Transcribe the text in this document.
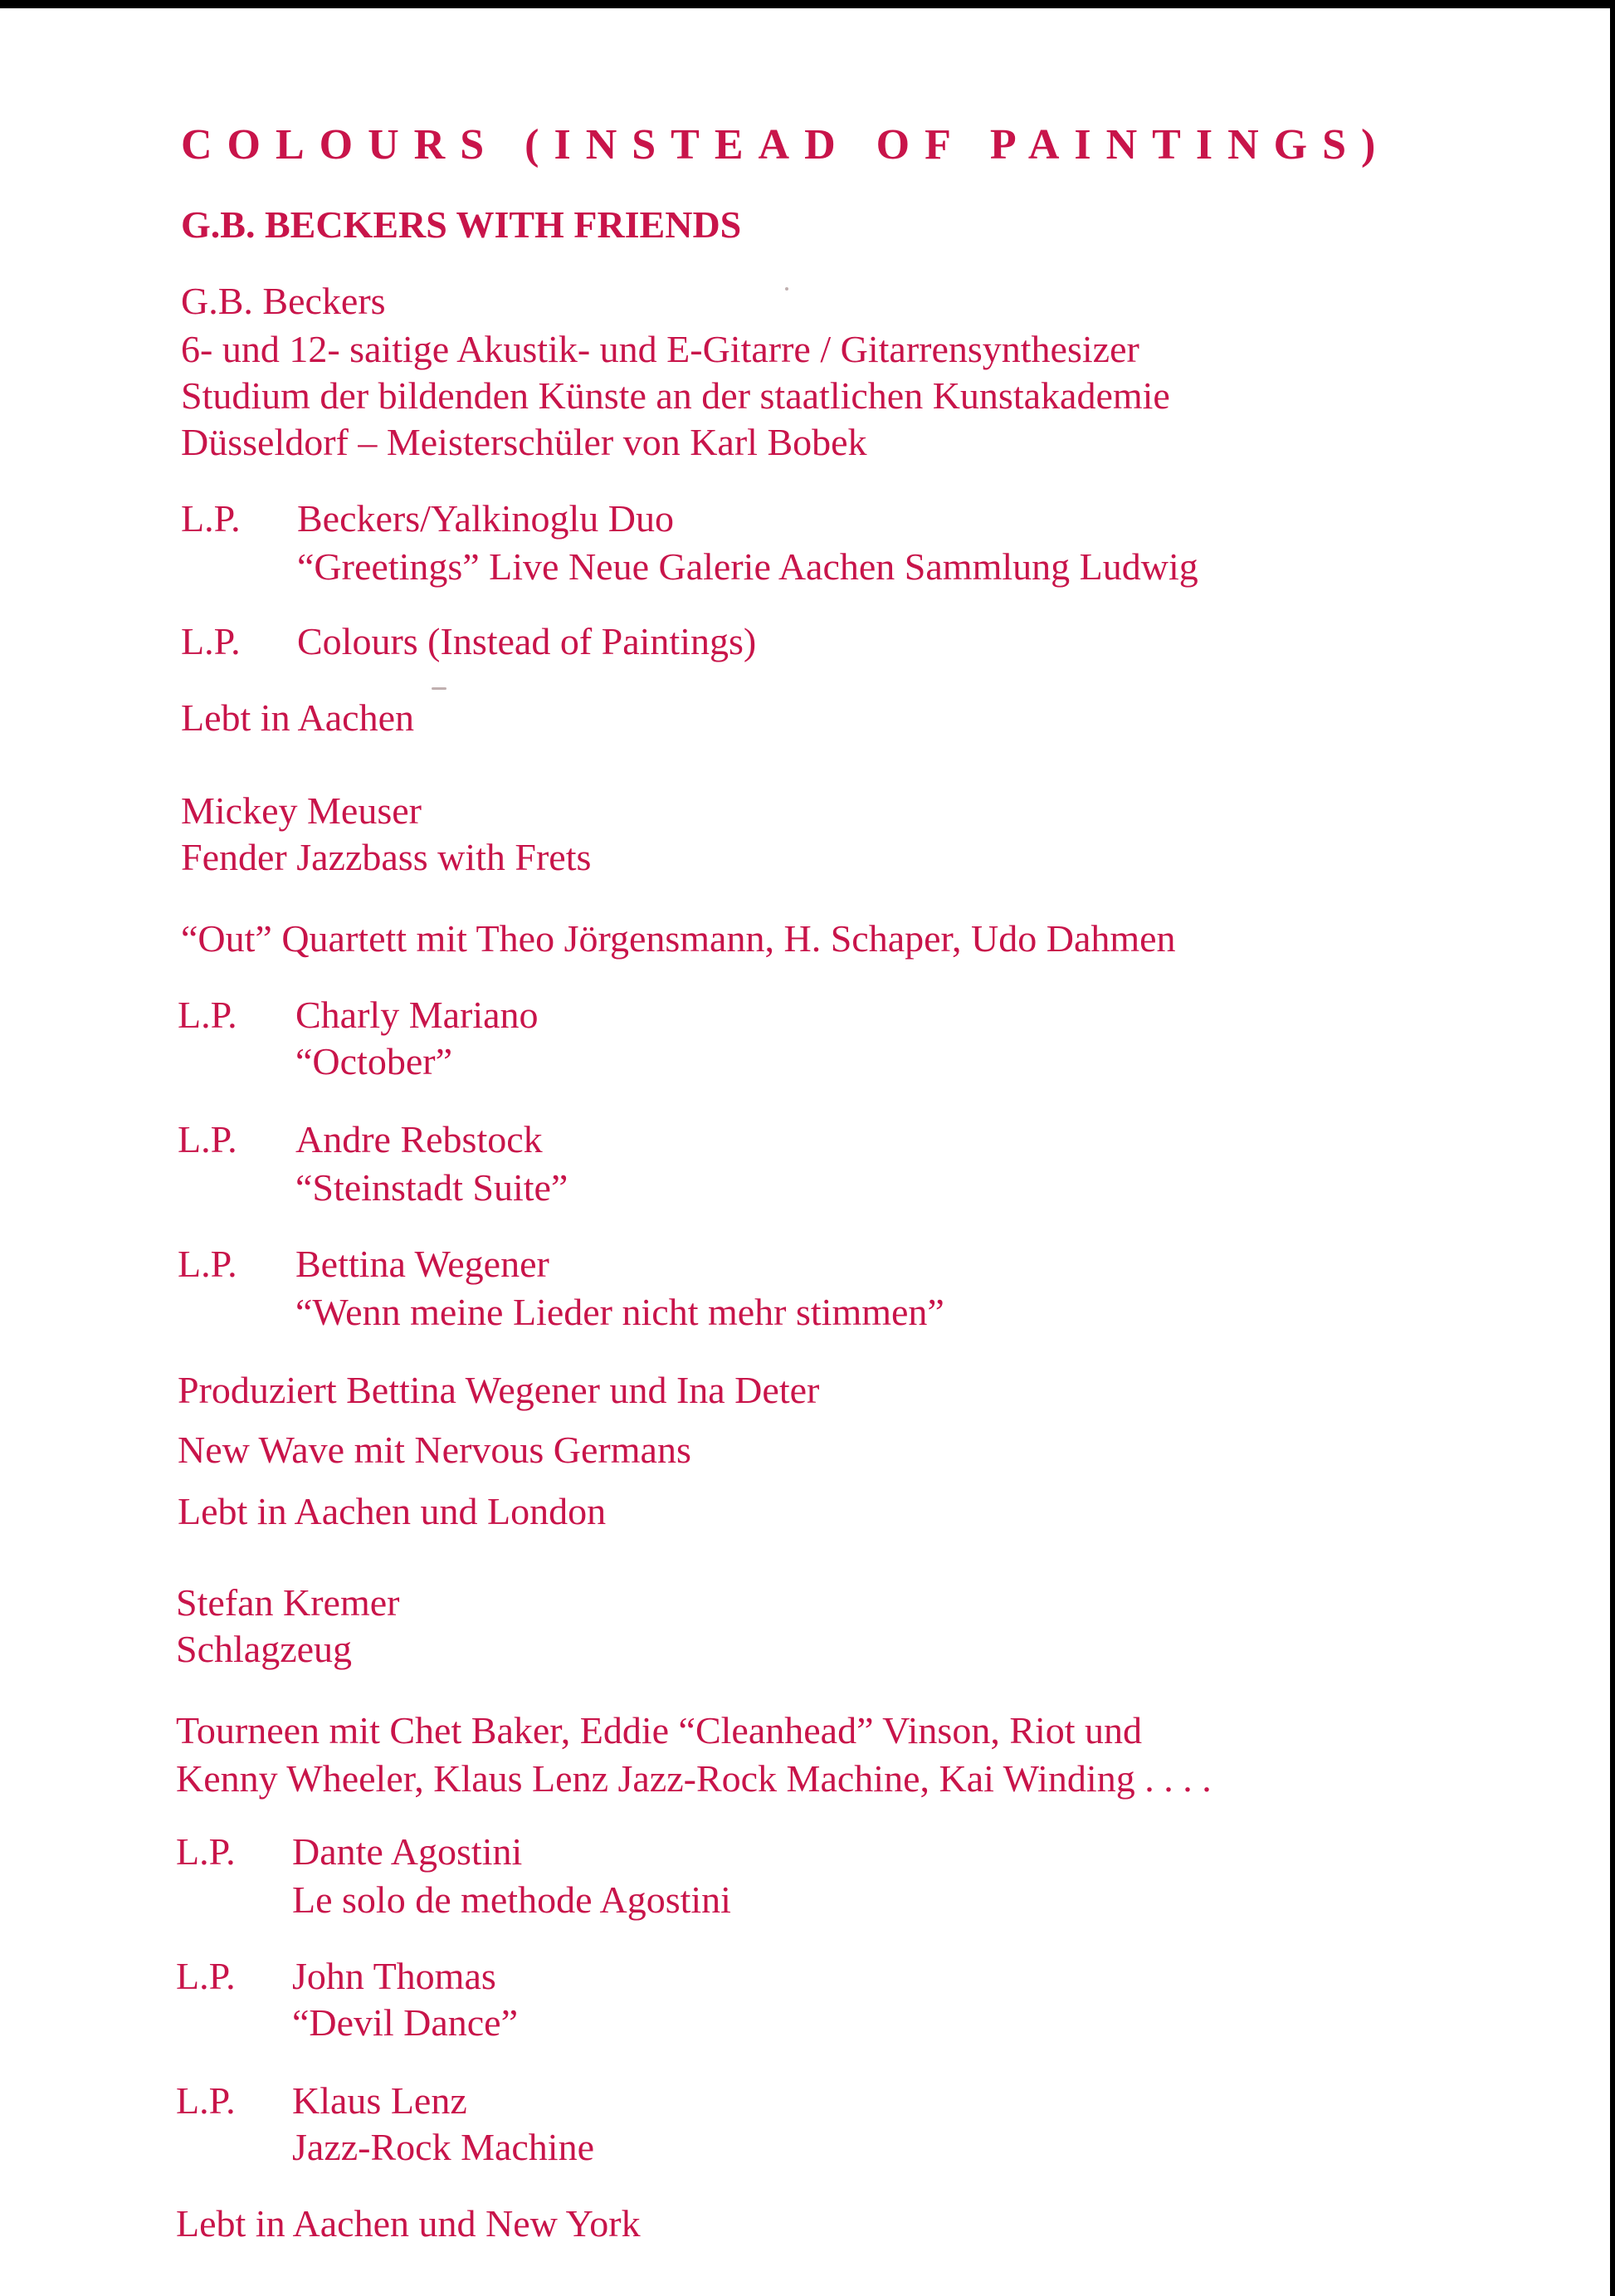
COLOURS (INSTEAD OF PAINTINGS)
G.B. BECKERS WITH FRIENDS
G.B. Beckers
6- und 12- saitige Akustik- und E-Gitarre / Gitarrensynthesizer
Studium der bildenden Künste an der staatlichen Kunstakademie
Düsseldorf – Meisterschüler von Karl Bobek
L.P.	Beckers/Yalkinoglu Duo
“Greetings” Live Neue Galerie Aachen Sammlung Ludwig
L.P.	Colours (Instead of Paintings)
Lebt in Aachen
Mickey Meuser
Fender Jazzbass with Frets
“Out” Quartett mit Theo Jörgensmann, H. Schaper, Udo Dahmen
L.P.	Charly Mariano
“October”
L.P.	Andre Rebstock
“Steinstadt Suite”
L.P.	Bettina Wegener
“Wenn meine Lieder nicht mehr stimmen”
Produziert Bettina Wegener und Ina Deter
New Wave mit Nervous Germans
Lebt in Aachen und London
Stefan Kremer
Schlagzeug
Tourneen mit Chet Baker, Eddie “Cleanhead” Vinson, Riot und
Kenny Wheeler, Klaus Lenz Jazz-Rock Machine, Kai Winding . . . .
L.P.	Dante Agostini
Le solo de methode Agostini
L.P.	John Thomas
“Devil Dance”
L.P.	Klaus Lenz
Jazz-Rock Machine
Lebt in Aachen und New York
